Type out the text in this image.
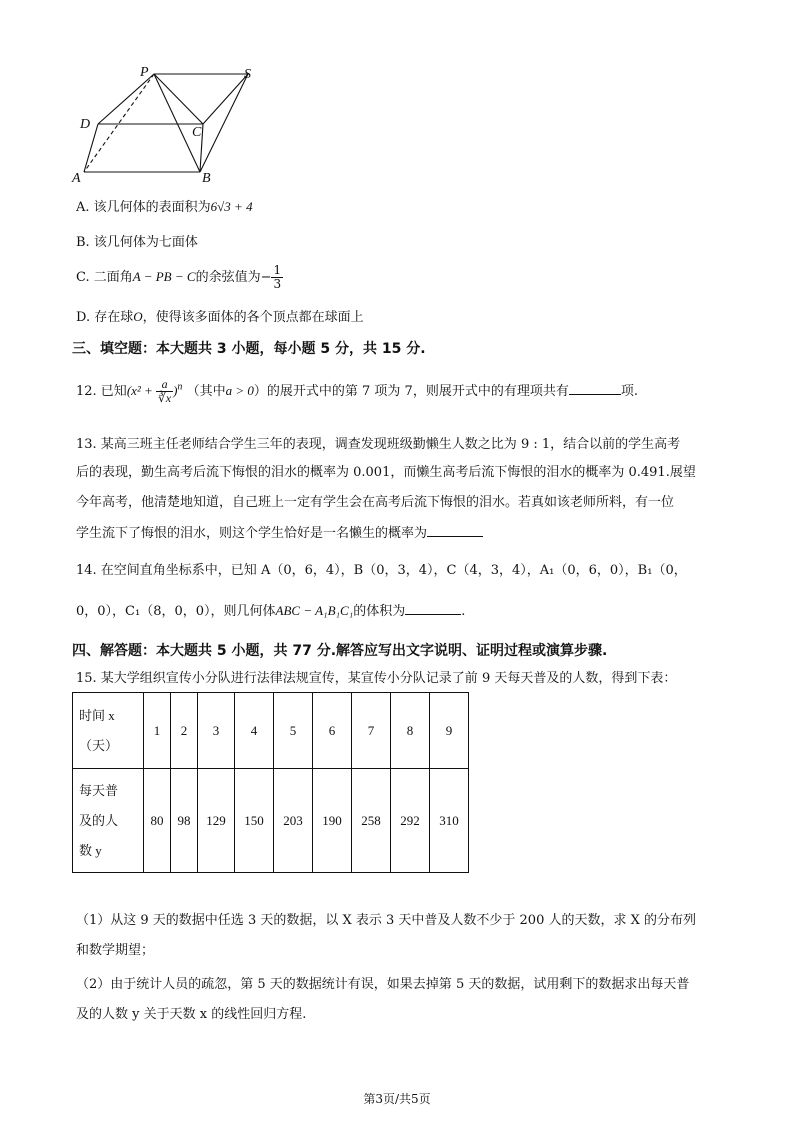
P	S
D
C
A	B
A. 该几何体的表面积为6√3 + 4
B. 该几何体为七面体
C. 二面角A − PB − C的余弦值为− $\frac{1}{3}$
D. 存在球O，使得该多面体的各个顶点都在球面上
三、填空题：本大题共 3 小题，每小题 5 分，共 15 分.
12. 已知$(x^2 + \frac{a}{∛x} )^n$ （其中a > 0）的展开式中的第 7 项为 7，则展开式中的有理项共有	项.
13. 某高三班主任老师结合学生三年的表现，调查发现班级勤懒生人数之比为 9 : 1，结合以前的学生高考
后的表现，勤生高考后流下悔恨的泪水的概率为 0.001，而懒生高考后流下悔恨的泪水的概率为 0.491.展望
今年高考，他清楚地知道，自己班上一定有学生会在高考后流下悔恨的泪水。若真如该老师所料，有一位
学生流下了悔恨的泪水，则这个学生恰好是一名懒生的概率为
14. 在空间直角坐标系中，已知 A（0，6，4），B（0，3，4），C（4，3，4），A₁（0，6，0），B₁（0，
0，0），C₁（8，0，0），则几何体ABC − A₁B₁C₁的体积为	.
四、解答题：本大题共 5 小题，共 77 分.解答应写出文字说明、证明过程或演算步骤.
15. 某大学组织宣传小分队进行法律法规宣传，某宣传小分队记录了前 9 天每天普及的人数，得到下表：
时间 x
（天）	1	2	3	4	5	6	7	8	9

每天普
及的人
数 y	80	98	129	150	203	190	258	292	310
（1）从这 9 天的数据中任选 3 天的数据，以 X 表示 3 天中普及人数不少于 200 人的天数，求 X 的分布列
和数学期望；
（2）由于统计人员的疏忽，第 5 天的数据统计有误，如果去掉第 5 天的数据，试用剩下的数据求出每天普
及的人数 y 关于天数 x 的线性回归方程.
第3页/共5页
